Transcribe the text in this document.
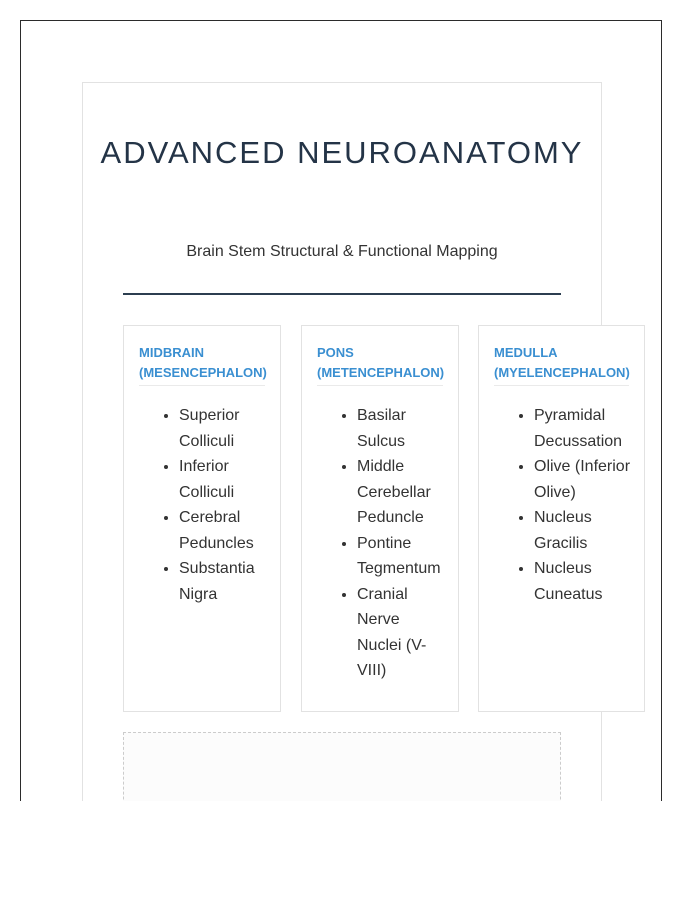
ADVANCED NEUROANATOMY

Brain Stem Structural & Functional Mapping

MIDBRAIN (MESENCEPHALON)
• Superior Colliculi
• Inferior Colliculi
• Cerebral Peduncles
• Substantia Nigra
PONS (METENCEPHALON)
• Basilar Sulcus
• Middle Cerebellar Peduncle
• Pontine Tegmentum
• Cranial Nerve Nuclei (V-VIII)
MEDULLA (MYELENCEPHALON)
• Pyramidal Decussation
• Olive (Inferior Olive)
• Nucleus Gracilis
• Nucleus Cuneatus
